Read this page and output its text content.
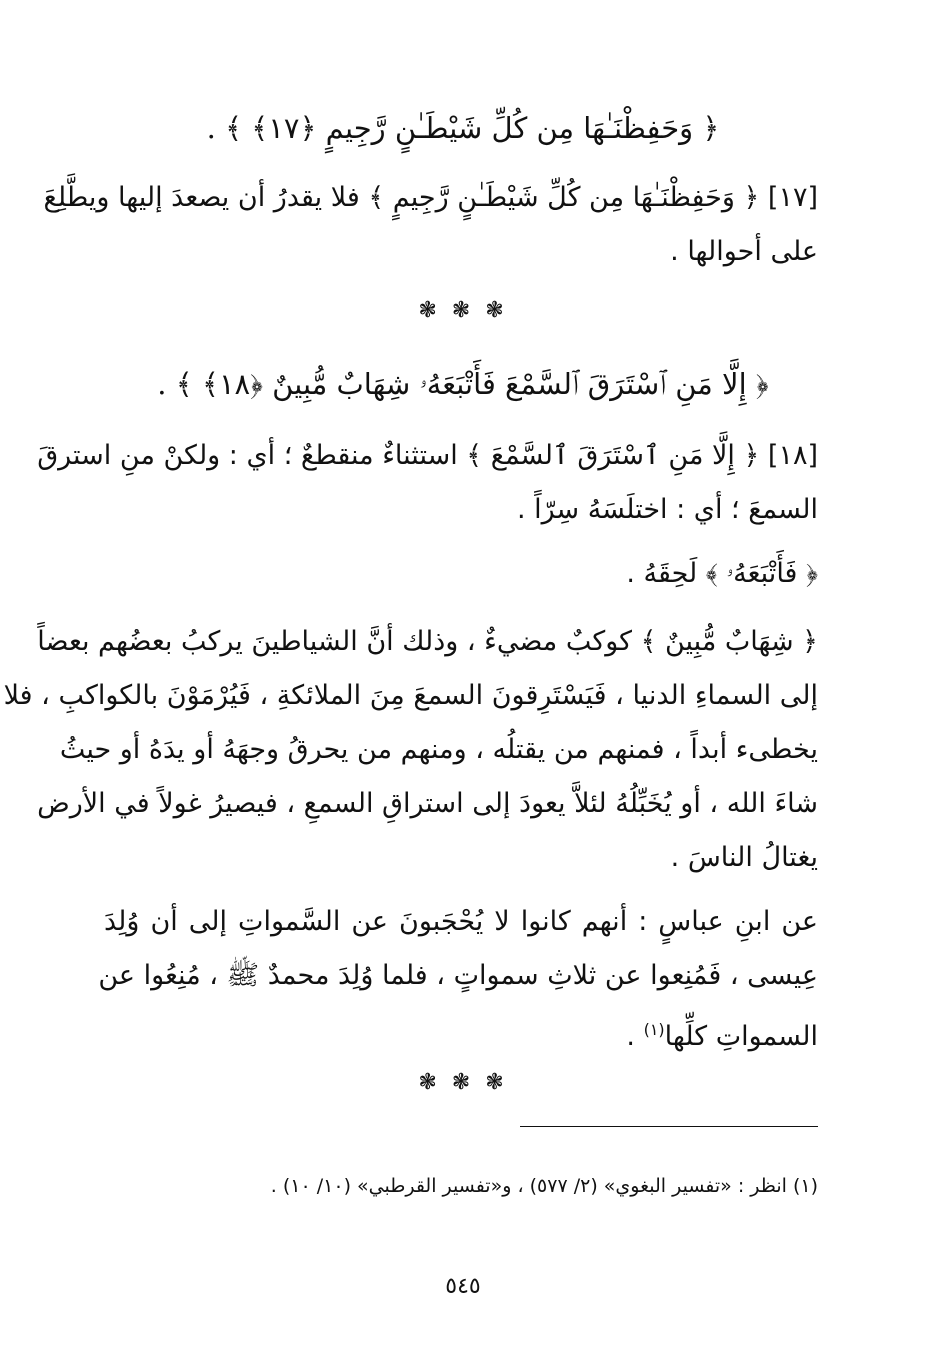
﴿ وَحَفِظْنَـٰهَا مِن كُلِّ شَيْطَـٰنٍ رَّجِيمٍ ﴿١٧﴾ ﴾ .

[١٧] ﴿ وَحَفِظْنَـٰهَا مِن كُلِّ شَيْطَـٰنٍ رَّجِيمٍ ﴾ فلا يقدرُ أن يصعدَ إليها ويطَّلِعَ

على أحوالها .

❃ ❃ ❃

﴿ إِلَّا مَنِ ٱسْتَرَقَ ٱلسَّمْعَ فَأَتْبَعَهُۥ شِهَابٌ مُّبِينٌ ﴿١٨﴾ ﴾ .

[١٨] ﴿ إِلَّا مَنِ ٱسْتَرَقَ ٱلسَّمْعَ ﴾ استثناءٌ منقطعٌ ؛ أي : ولكنْ منِ استرقَ

السمعَ ؛ أي : اختلَسَهُ سِرّاً .

﴿ فَأَتْبَعَهُۥ ﴾ لَحِقَهُ .

﴿ شِهَابٌ مُّبِينٌ ﴾ كوكبٌ مضيءٌ ، وذلك أنَّ الشياطينَ يركبُ بعضُهم بعضاً

إلى السماءِ الدنيا ، فَيَسْتَرِقونَ السمعَ مِنَ الملائكةِ ، فَيُرْمَوْنَ بالكواكبِ ، فلا

يخطىء أبداً ، فمنهم من يقتلُه ، ومنهم من يحرقُ وجهَهُ أو يدَهُ أو حيثُ

شاءَ الله ، أو يُخَبِّلُهُ لئلاَّ يعودَ إلى استراقِ السمعِ ، فيصيرُ غولاً في الأرض

يغتالُ الناسَ .

عن ابنِ عباسٍ : أنهم كانوا لا يُحْجَبونَ عن السَّمواتِ إلى أن وُلِدَ

عِيسى ، فَمُنِعوا عن ثلاثِ سمواتٍ ، فلما وُلِدَ محمدٌ ﷺ ، مُنِعُوا عن

السمواتِ كلِّها$^{(١)}$ .

❃ ❃ ❃

(١) انظر : «تفسير البغوي» (٢/ ٥٧٧) ، و«تفسير القرطبي» (١٠/ ١٠) .

٥٤٥
